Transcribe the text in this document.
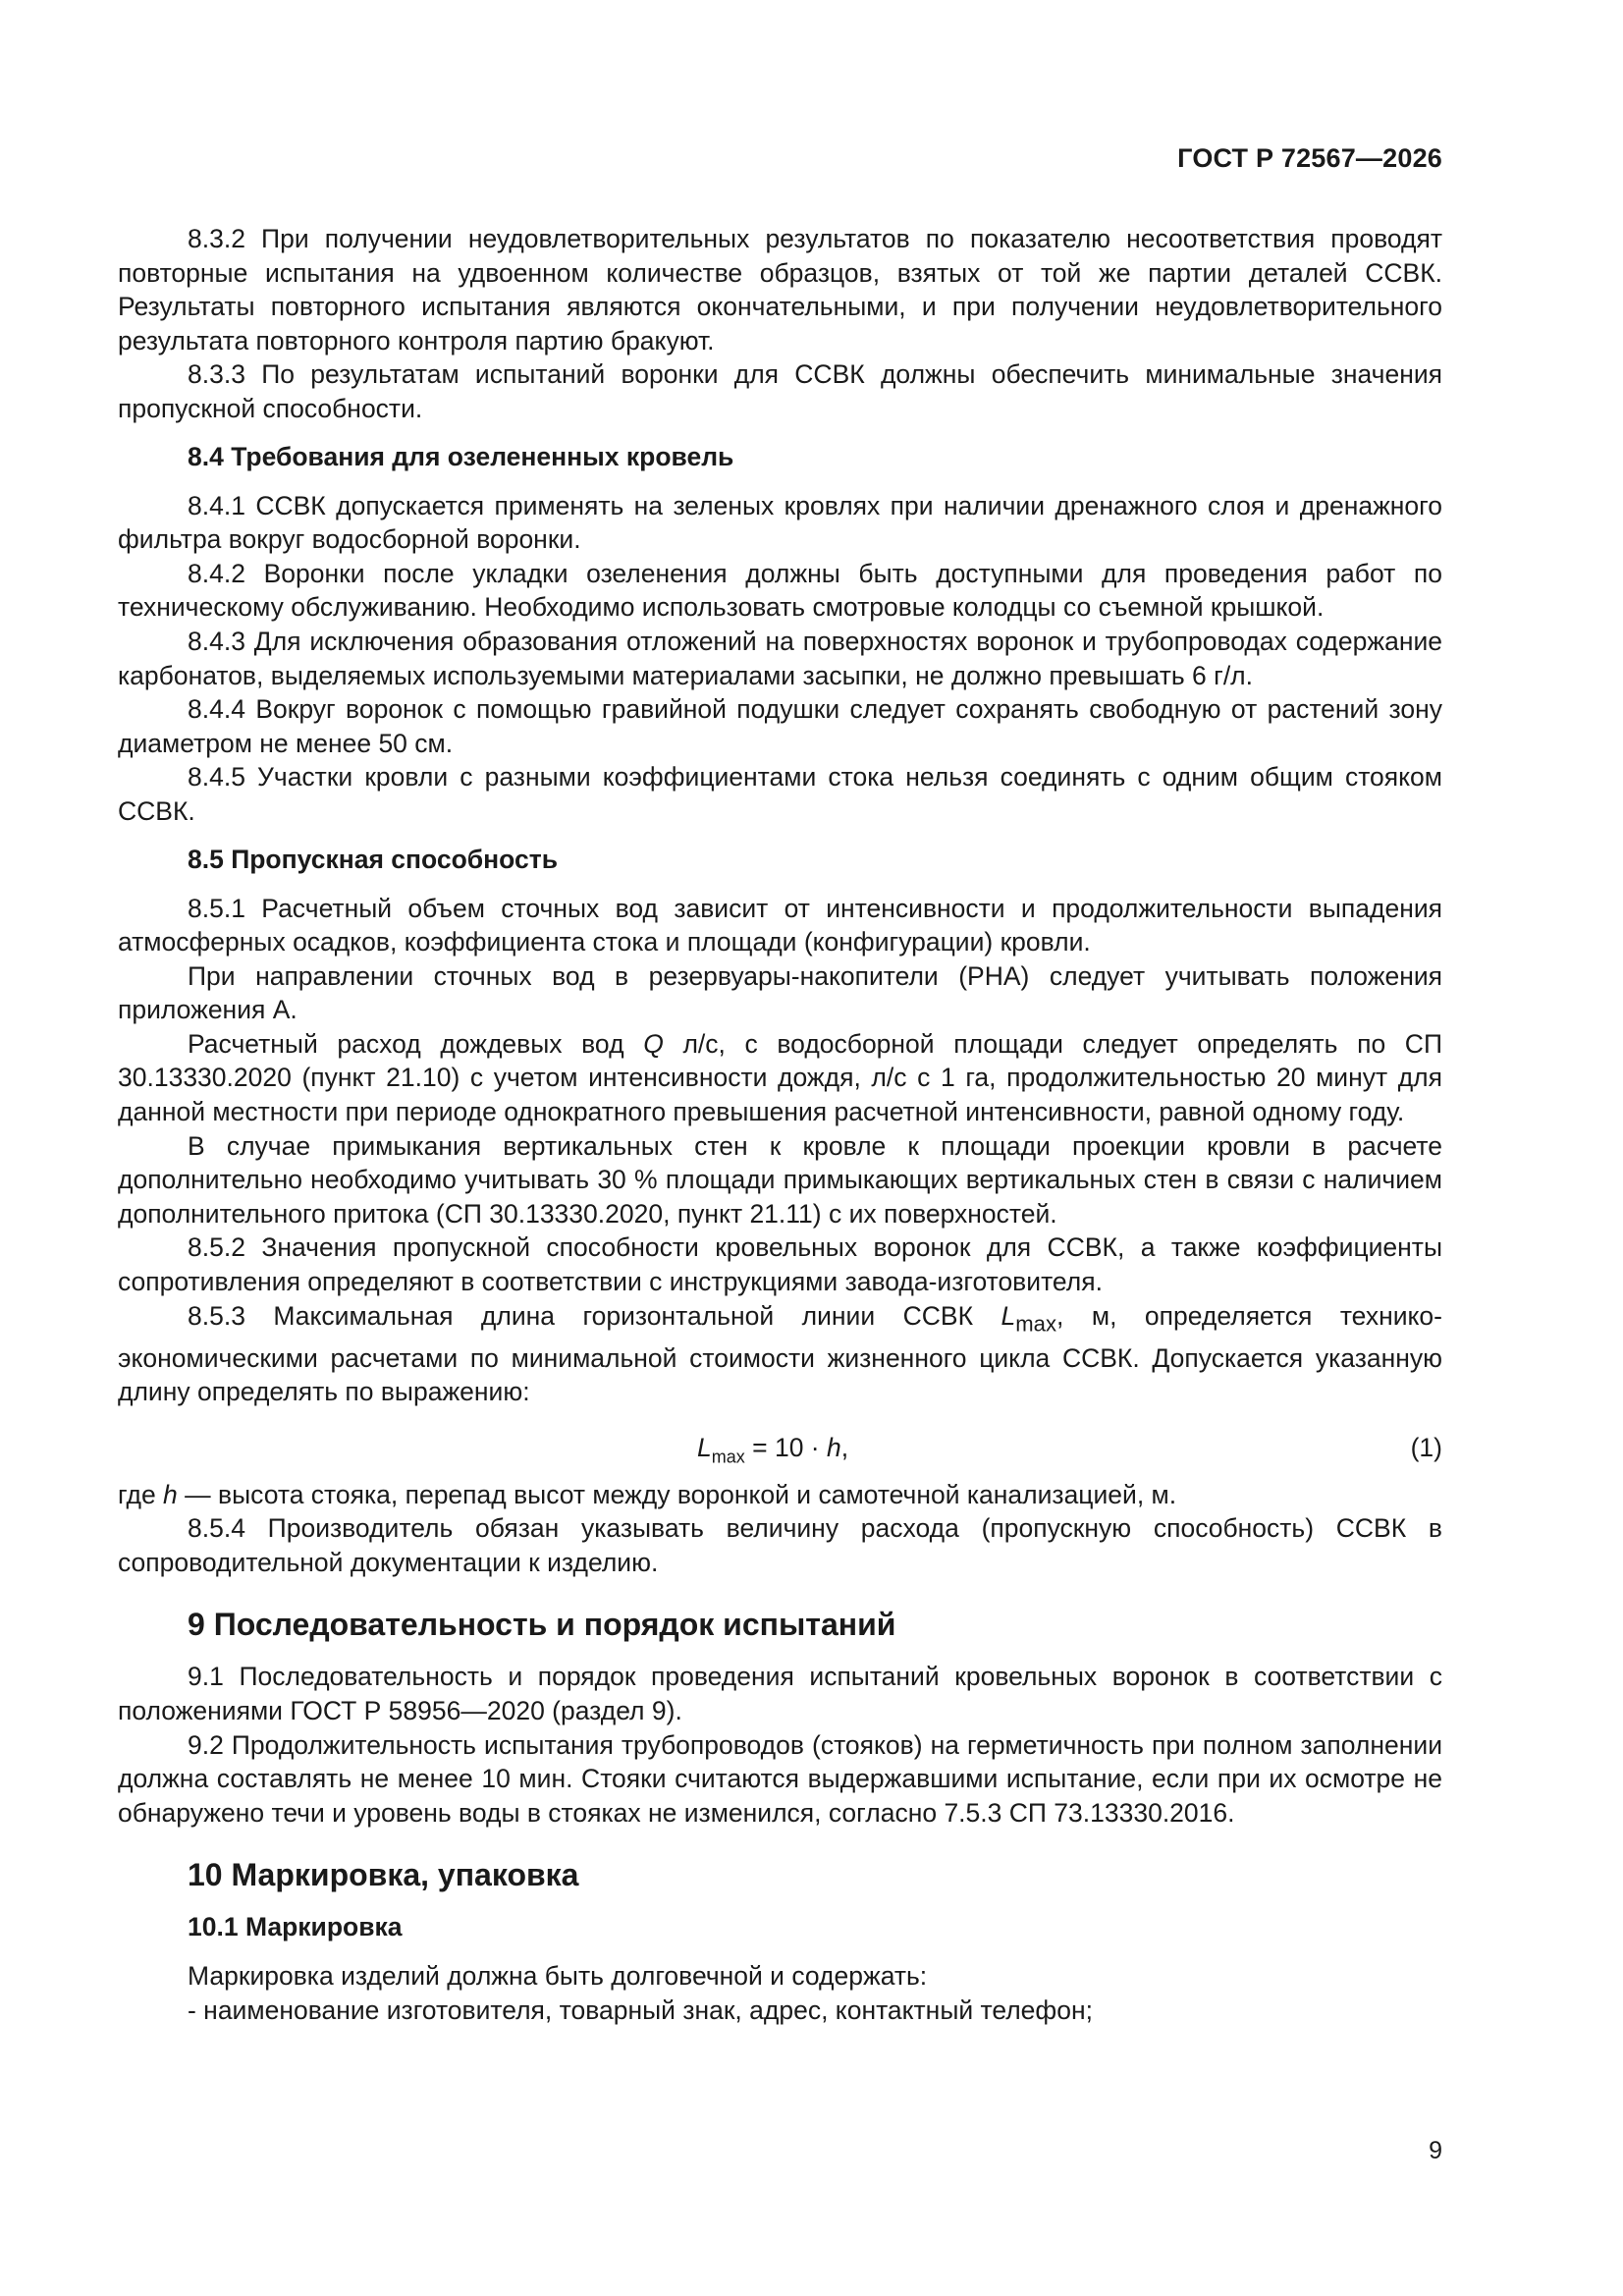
ГОСТ Р 72567—2026

8.3.2 При получении неудовлетворительных результатов по показателю несоответствия проводят повторные испытания на удвоенном количестве образцов, взятых от той же партии деталей ССВК. Результаты повторного испытания являются окончательными, и при получении неудовлетворительного результата повторного контроля партию бракуют.

8.3.3 По результатам испытаний воронки для ССВК должны обеспечить минимальные значения пропускной способности.

8.4 Требования для озелененных кровель

8.4.1 ССВК допускается применять на зеленых кровлях при наличии дренажного слоя и дренажного фильтра вокруг водосборной воронки.

8.4.2 Воронки после укладки озеленения должны быть доступными для проведения работ по техническому обслуживанию. Необходимо использовать смотровые колодцы со съемной крышкой.

8.4.3 Для исключения образования отложений на поверхностях воронок и трубопроводах содержание карбонатов, выделяемых используемыми материалами засыпки, не должно превышать 6 г/л.

8.4.4 Вокруг воронок с помощью гравийной подушки следует сохранять свободную от растений зону диаметром не менее 50 см.

8.4.5 Участки кровли с разными коэффициентами стока нельзя соединять с одним общим стояком ССВК.

8.5 Пропускная способность

8.5.1 Расчетный объем сточных вод зависит от интенсивности и продолжительности выпадения атмосферных осадков, коэффициента стока и площади (конфигурации) кровли.

При направлении сточных вод в резервуары-накопители (РНА) следует учитывать положения приложения А.

Расчетный расход дождевых вод Q л/с, с водосборной площади следует определять по СП 30.13330.2020 (пункт 21.10) с учетом интенсивности дождя, л/с с 1 га, продолжительностью 20 минут для данной местности при периоде однократного превышения расчетной интенсивности, равной одному году.

В случае примыкания вертикальных стен к кровле к площади проекции кровли в расчете дополнительно необходимо учитывать 30 % площади примыкающих вертикальных стен в связи с наличием дополнительного притока (СП 30.13330.2020, пункт 21.11) с их поверхностей.

8.5.2 Значения пропускной способности кровельных воронок для ССВК, а также коэффициенты сопротивления определяют в соответствии с инструкциями завода-изготовителя.

8.5.3 Максимальная длина горизонтальной линии ССВК $L_{max}$, м, определяется технико-экономическими расчетами по минимальной стоимости жизненного цикла ССВК. Допускается указанную длину определять по выражению:

$L_{max} = 10 \cdot h$,	(1)

где h — высота стояка, перепад высот между воронкой и самотечной канализацией, м.

8.5.4 Производитель обязан указывать величину расхода (пропускную способность) ССВК в сопроводительной документации к изделию.

9 Последовательность и порядок испытаний

9.1 Последовательность и порядок проведения испытаний кровельных воронок в соответствии с положениями ГОСТ Р 58956—2020 (раздел 9).

9.2 Продолжительность испытания трубопроводов (стояков) на герметичность при полном заполнении должна составлять не менее 10 мин. Стояки считаются выдержавшими испытание, если при их осмотре не обнаружено течи и уровень воды в стояках не изменился, согласно 7.5.3 СП 73.13330.2016.

10 Маркировка, упаковка
10.1 Маркировка

Маркировка изделий должна быть долговечной и содержать:

- наименование изготовителя, товарный знак, адрес, контактный телефон;

9
